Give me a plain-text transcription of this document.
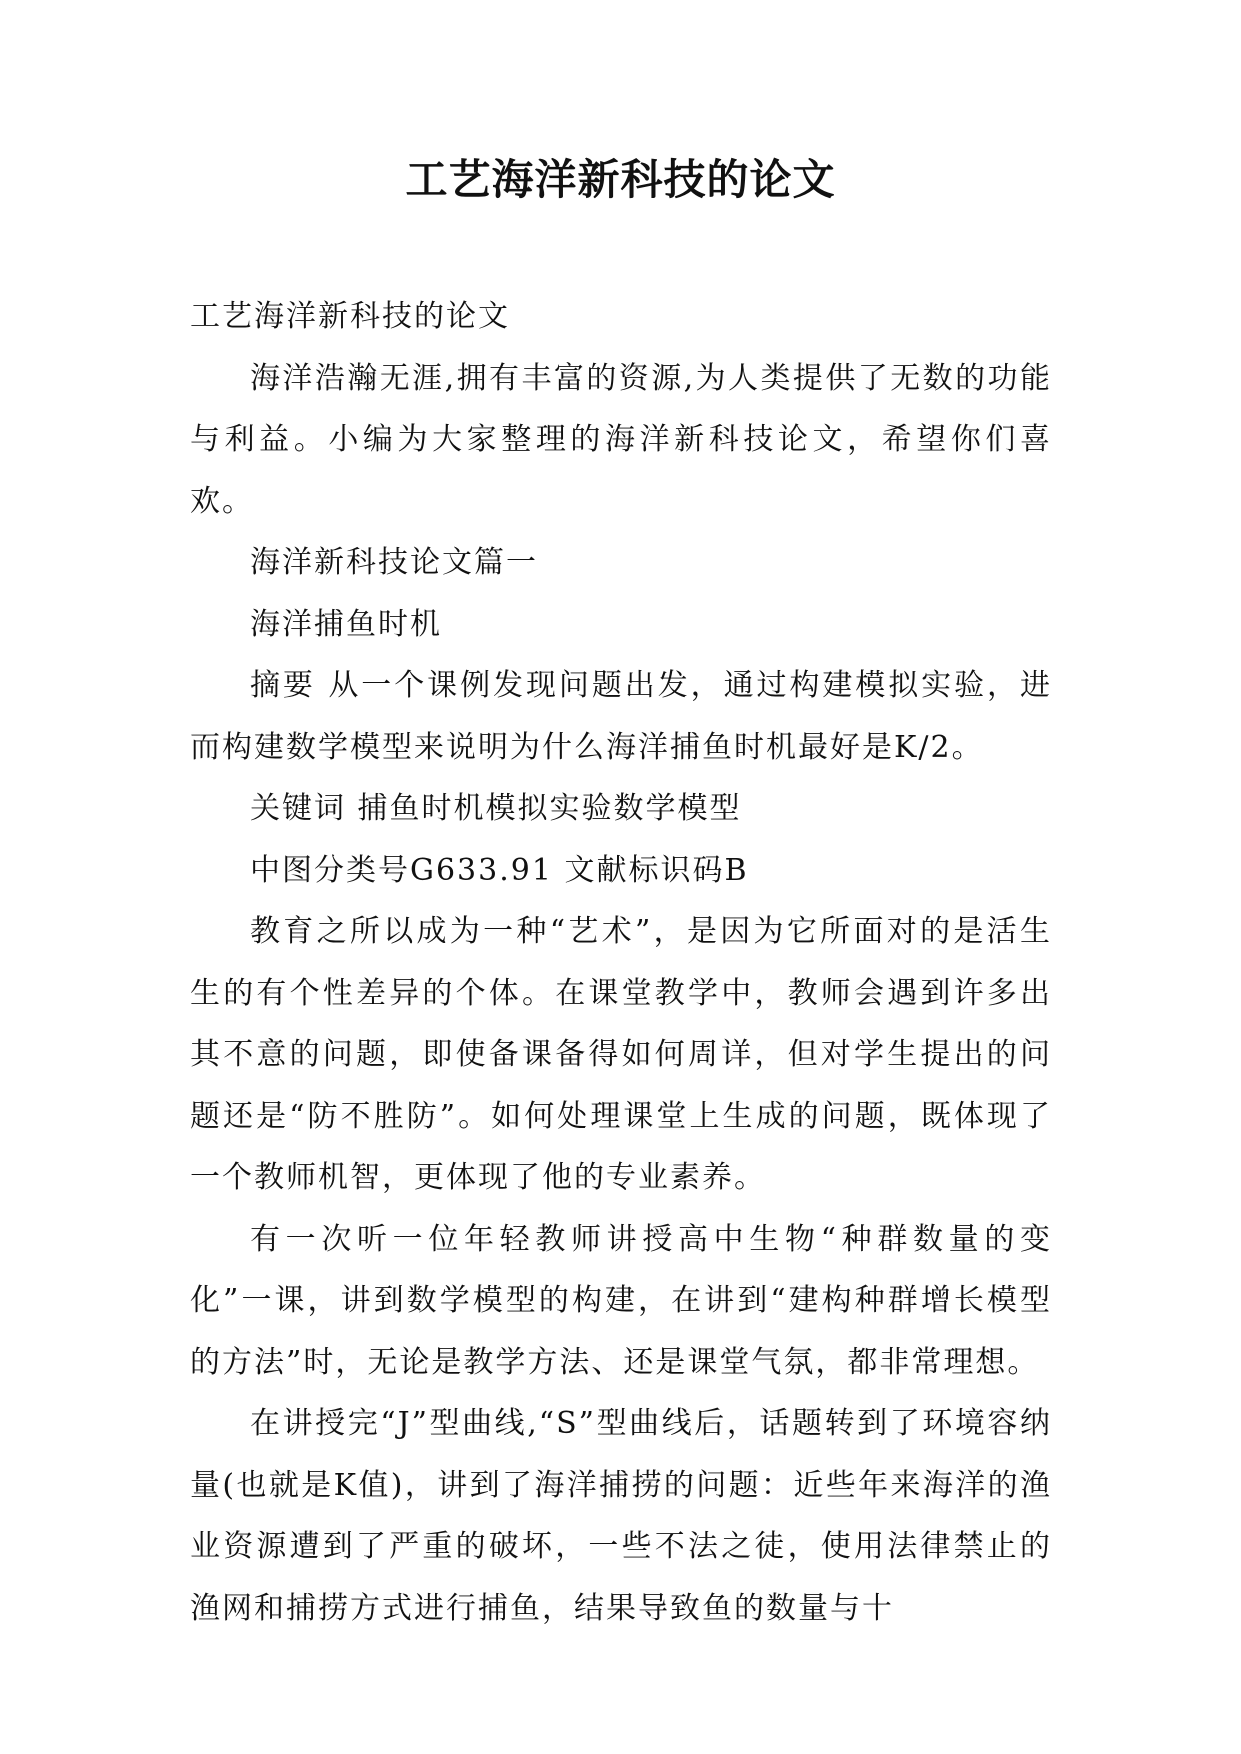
工艺海洋新科技的论文

工艺海洋新科技的论文

海洋浩瀚无涯,拥有丰富的资源,为人类提供了无数的功能与利益。小编为大家整理的海洋新科技论文，希望你们喜欢。

海洋新科技论文篇一

海洋捕鱼时机

摘要 从一个课例发现问题出发，通过构建模拟实验，进而构建数学模型来说明为什么海洋捕鱼时机最好是K/2。

关键词 捕鱼时机模拟实验数学模型

中图分类号G633.91 文献标识码B

教育之所以成为一种“艺术”，是因为它所面对的是活生生的有个性差异的个体。在课堂教学中，教师会遇到许多出其不意的问题，即使备课备得如何周详，但对学生提出的问题还是“防不胜防”。如何处理课堂上生成的问题，既体现了一个教师机智，更体现了他的专业素养。

有一次听一位年轻教师讲授高中生物“种群数量的变化”一课，讲到数学模型的构建，在讲到“建构种群增长模型的方法”时，无论是教学方法、还是课堂气氛，都非常理想。

在讲授完“J”型曲线,“S”型曲线后，话题转到了环境容纳量(也就是K值)，讲到了海洋捕捞的问题：近些年来海洋的渔业资源遭到了严重的破坏，一些不法之徒，使用法律禁止的渔网和捕捞方式进行捕鱼，结果导致鱼的数量与十
